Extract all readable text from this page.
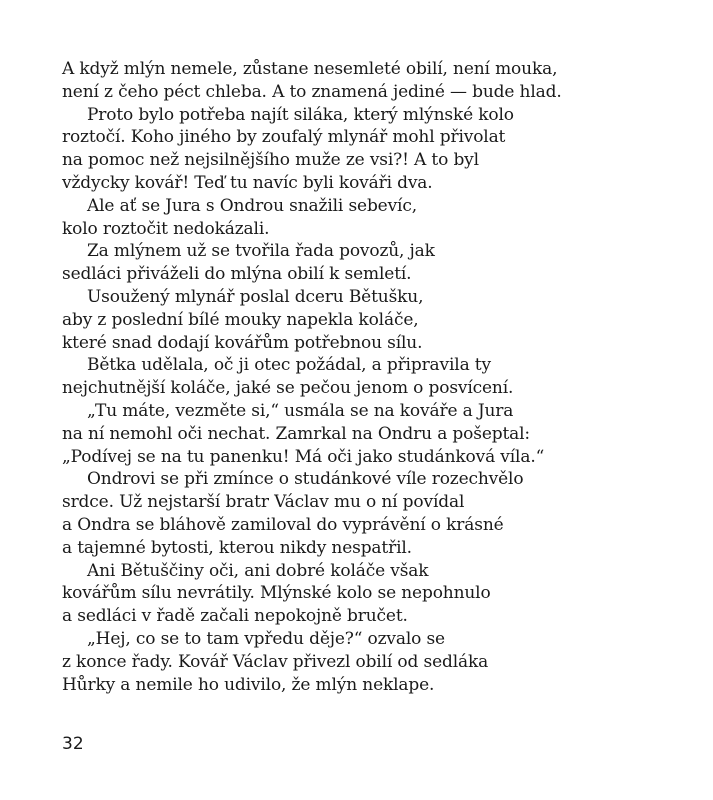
A když mlýn nemele, zůstane nesemleté obilí, není mouka,
není z čeho péct chleba. A to znamená jediné — bude hlad.
Proto bylo potřeba najít siláka, který mlýnské kolo
roztočí. Koho jiného by zoufalý mlynář mohl přivolat
na pomoc než nejsilnějšího muže ze vsi?! A to byl
vždycky kovář! Teď tu navíc byli kováři dva.
Ale ať se Jura s Ondrou snažili sebevíc,
kolo roztočit nedokázali.
Za mlýnem už se tvořila řada povozů, jak
sedláci přiváželi do mlýna obilí k semletí.
Usoužený mlynář poslal dceru Bětušku,
aby z poslední bílé mouky napekla koláče,
které snad dodají kovářům potřebnou sílu.
Bětka udělala, oč ji otec požádal, a připravila ty
nejchutnější koláče, jaké se pečou jenom o posvícení.
„Tu máte, vezměte si,“ usmála se na kováře a Jura
na ní nemohl oči nechat. Zamrkal na Ondru a pošeptal:
„Podívej se na tu panenku! Má oči jako studánková víla.“
Ondrovi se při zmínce o studánkové víle rozechvělo
srdce. Už nejstarší bratr Václav mu o ní povídal
a Ondra se bláhově zamiloval do vyprávění o krásné
a tajemné bytosti, kterou nikdy nespatřil.
Ani Bětuščiny oči, ani dobré koláče však
kovářům sílu nevrátily. Mlýnské kolo se nepohnulo
a sedláci v řadě začali nepokojně bručet.
„Hej, co se to tam vpředu děje?“ ozvalo se
z konce řady. Kovář Václav přivezl obilí od sedláka
Hůrky a nemile ho udivilo, že mlýn neklape.
32
